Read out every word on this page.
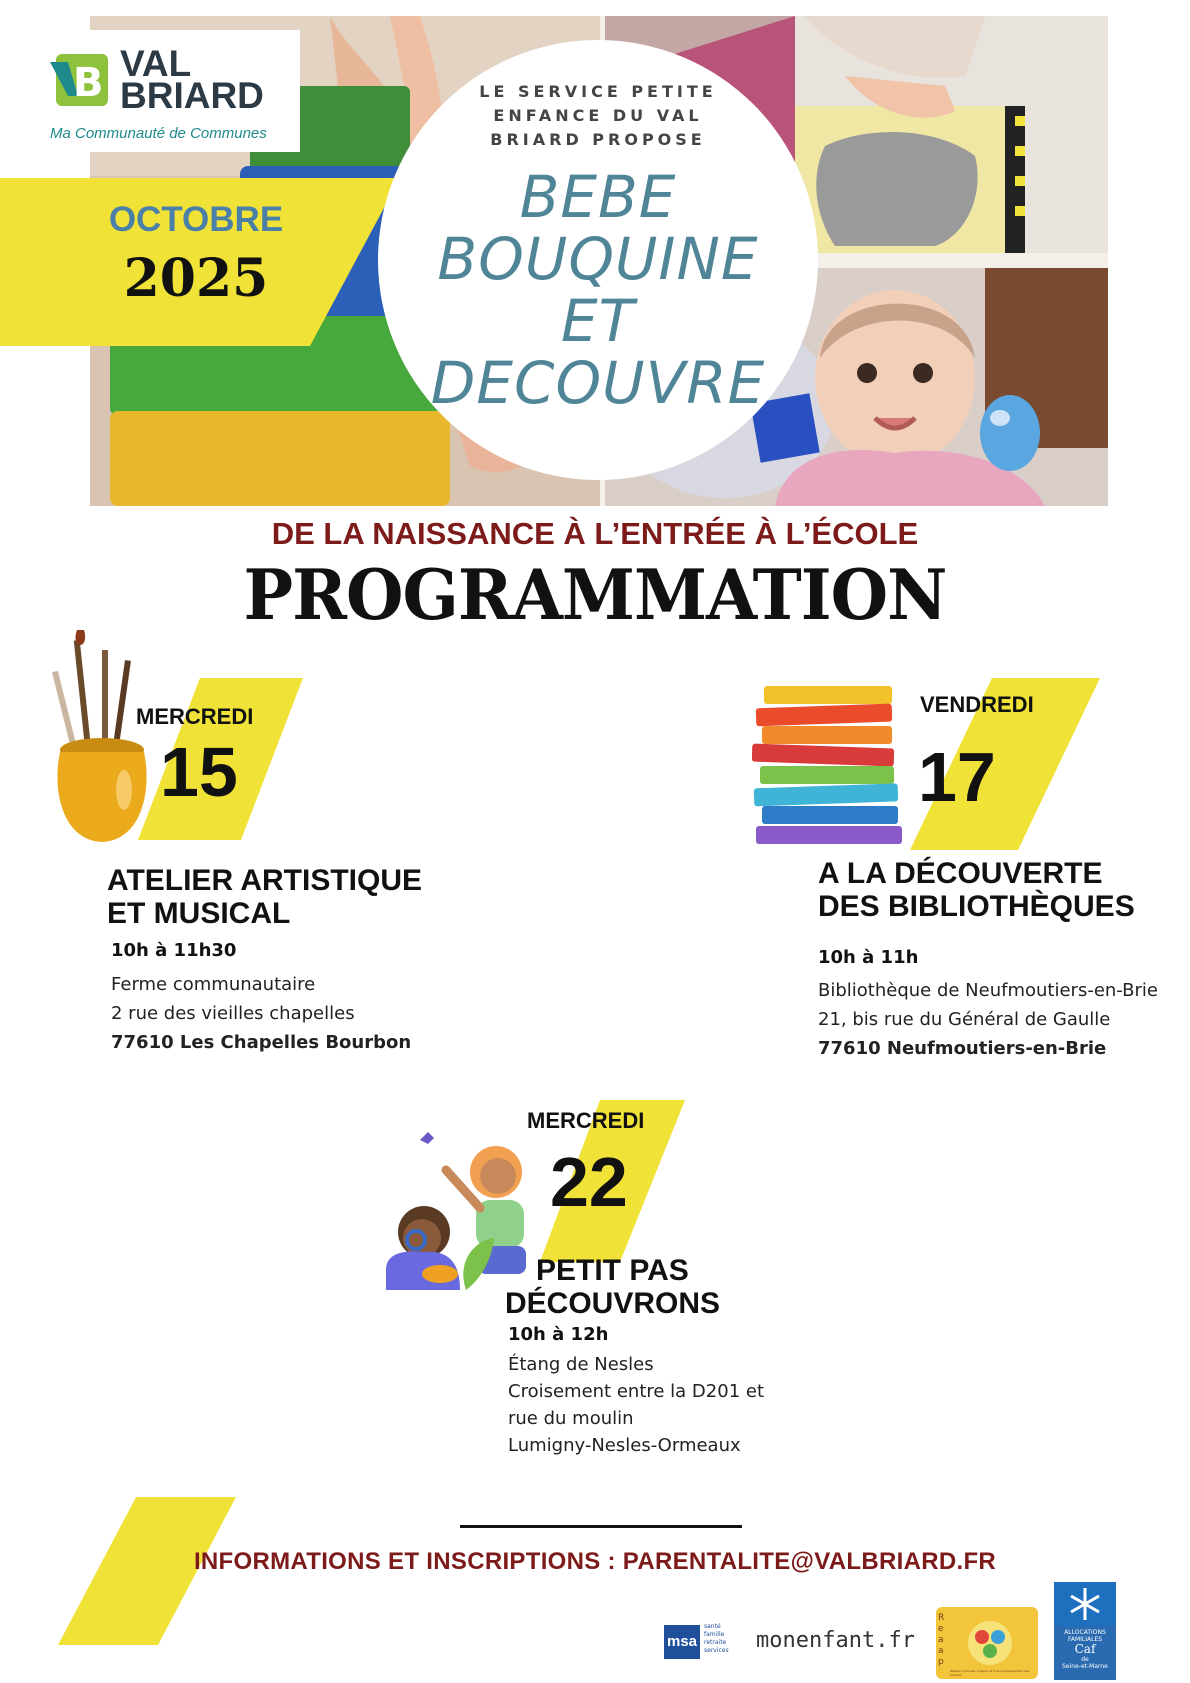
B VAL
BRIARD
Ma Communauté de Communes
OCTOBRE
2025
LE SERVICE PETITE
ENFANCE DU VAL
BRIARD PROPOSE
BEBE
BOUQUINE
ET
DECOUVRE
DE LA NAISSANCE À L’ENTRÉE À L’ÉCOLE
PROGRAMMATION
MERCREDI
15
ATELIER ARTISTIQUE
ET MUSICAL
10h à 11h30
Ferme communautaire
2 rue des vieilles chapelles
77610 Les Chapelles Bourbon
VENDREDI
17
A LA DÉCOUVERTE
DES BIBLIOTHÈQUES
10h à 11h
Bibliothèque de Neufmoutiers-en-Brie
21, bis rue du Général de Gaulle
77610 Neufmoutiers-en-Brie
MERCREDI
22
PETIT PAS
DÉCOUVRONS
10h à 12h
Étang de Nesles
Croisement entre la D201 et
rue du moulin
Lumigny-Nesles-Ormeaux
INFORMATIONS ET INSCRIPTIONS : PARENTALITE@VALBRIARD.FR
msa
santé
famille
retraite
services monenfant.fr
Reaap
Réseau d’écoute, d’appui et d’accompagnement des parents
ALLOCATIONS
FAMILIALES
Caf
de
Seine-et-Marne
